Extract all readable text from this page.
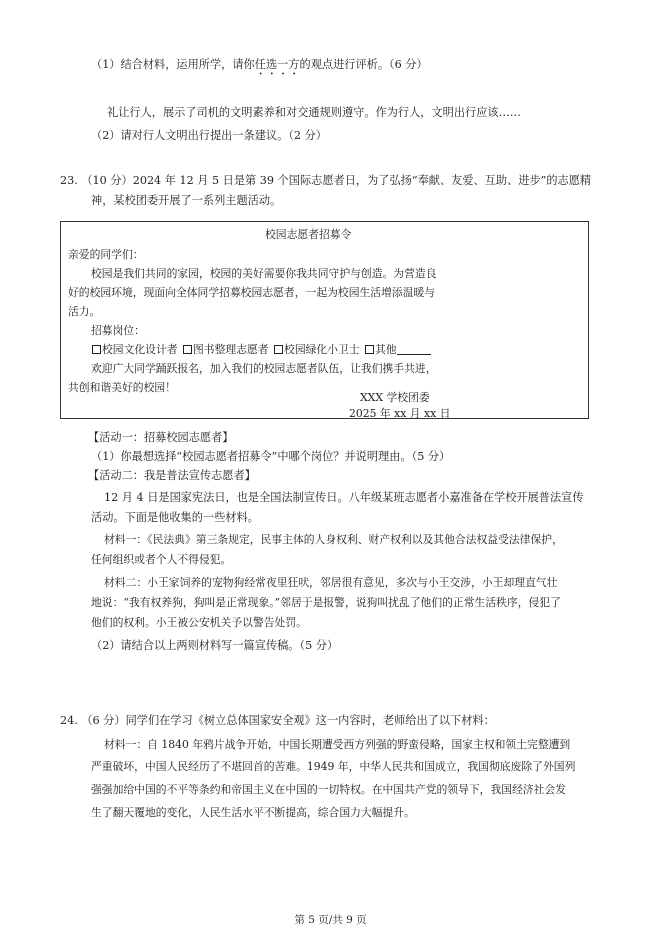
（1）结合材料，运用所学，请你任选一方的观点进行评析。（6 分）
礼让行人，展示了司机的文明素养和对交通规则遵守。作为行人，文明出行应该……
（2）请对行人文明出行提出一条建议。（2 分）
23. （10 分）2024 年 12 月 5 日是第 39 个国际志愿者日，为了弘扬“奉献、友爱、互助、进步”的志愿精
神，某校团委开展了一系列主题活动。
校园志愿者招募令
亲爱的同学们：
校园是我们共同的家园，校园的美好需要你我共同守护与创造。为营造良
好的校园环境，现面向全体同学招募校园志愿者，一起为校园生活增添温暖与
活力。
招募岗位：
校园文化设计者 图书整理志愿者 校园绿化小卫士 其他
欢迎广大同学踊跃报名，加入我们的校园志愿者队伍，让我们携手共进，
共创和谐美好的校园！
XXX 学校团委
2025 年 xx 月 xx 日
【活动一：招募校园志愿者】
（1）你最想选择“校园志愿者招募令”中哪个岗位？并说明理由。（5 分）
【活动二：我是普法宣传志愿者】
12 月 4 日是国家宪法日，也是全国法制宣传日。八年级某班志愿者小嘉准备在学校开展普法宣传
活动。下面是他收集的一些材料。
材料一：《民法典》第三条规定，民事主体的人身权利、财产权利以及其他合法权益受法律保护，
任何组织或者个人不得侵犯。
材料二：小王家饲养的宠物狗经常夜里狂吠，邻居很有意见，多次与小王交涉，小王却理直气壮
地说：“我有权养狗，狗叫是正常现象。”邻居于是报警，说狗叫扰乱了他们的正常生活秩序，侵犯了
他们的权利。小王被公安机关予以警告处罚。
（2）请结合以上两则材料写一篇宣传稿。（5 分）
24. （6 分）同学们在学习《树立总体国家安全观》这一内容时，老师给出了以下材料：
材料一：自 1840 年鸦片战争开始，中国长期遭受西方列强的野蛮侵略，国家主权和领土完整遭到
严重破坏，中国人民经历了不堪回首的苦难。1949 年，中华人民共和国成立，我国彻底废除了外国列
强强加给中国的不平等条约和帝国主义在中国的一切特权。在中国共产党的领导下，我国经济社会发
生了翻天覆地的变化，人民生活水平不断提高，综合国力大幅提升。
第 5 页/共 9 页
